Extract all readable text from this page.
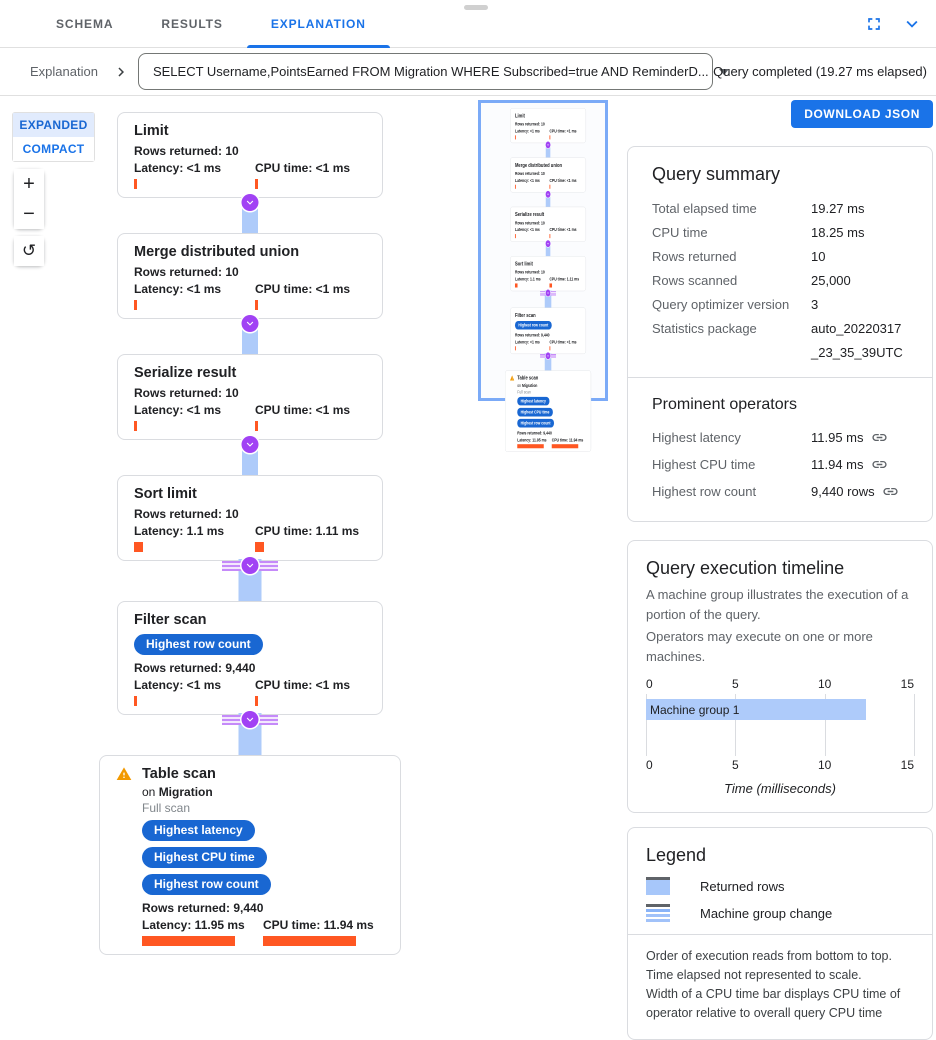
SCHEMA	RESULTS	EXPLANATION
Explanation	SELECT Username,PointsEarned FROM Migration WHERE Subscribed=true AND ReminderD... Query completed (19.27 ms elapsed)
EXPANDED
COMPACT
+
−
↺
Limit
Rows returned: 10
Latency: <1 ms	CPU time: <1 ms
Merge distributed union
Rows returned: 10
Latency: <1 ms	CPU time: <1 ms
Serialize result
Rows returned: 10
Latency: <1 ms	CPU time: <1 ms
Sort limit
Rows returned: 10
Latency: 1.1 ms	CPU time: 1.11 ms
Filter scan
Highest row count
Rows returned: 9,440
Latency: <1 ms	CPU time: <1 ms
Table scan
on Migration
Full scan
Highest latency
Highest CPU time
Highest row count
Rows returned: 9,440
Latency: 11.95 ms	CPU time: 11.94 ms
Limit
Rows returned: 10
Latency: <1 ms CPU time: <1 ms
Merge distributed union
Rows returned: 10
Latency: <1 ms CPU time: <1 ms
Serialize result
Rows returned: 10
Latency: <1 ms CPU time: <1 ms
Sort limit
Rows returned: 10
Latency: 1.1 ms CPU time: 1.11 ms
Filter scan
Highest row count
Rows returned: 9,440
Latency: <1 ms CPU time: <1 ms
Table scan
on Migration
Full scan
Highest latency
Highest CPU time
Highest row count
Rows returned: 9,440
Latency: 11.95 ms CPU time: 11.94 ms
DOWNLOAD JSON
Query summary
Total elapsed time	19.27 ms
CPU time	18.25 ms
Rows returned	10
Rows scanned	25,000
Query optimizer version	3
Statistics package	auto_20220317_23_35_39UTC
Prominent operators
Highest latency	11.95 ms
Highest CPU time	11.94 ms
Highest row count	9,440 rows
Query execution timeline
A machine group illustrates the execution of a portion of the query.
Operators may execute on one or more machines.
0	5	10	15
Machine group 1
0	5	10	15
Time (milliseconds)
Legend
Returned rows
Machine group change
Order of execution reads from bottom to top.
Time elapsed not represented to scale.
Width of a CPU time bar displays CPU time of operator relative to overall query CPU time
